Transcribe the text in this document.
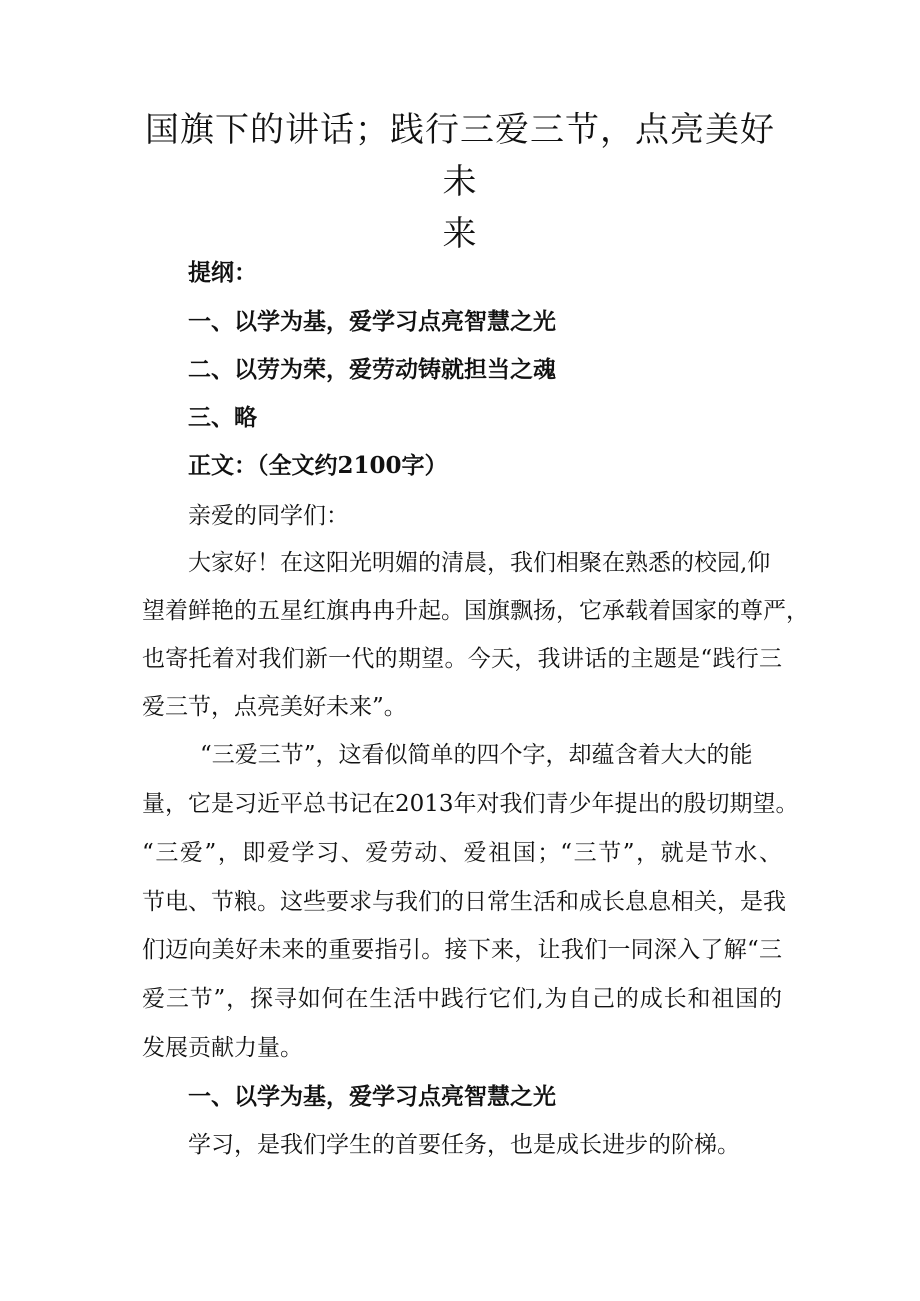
国旗下的讲话；践行三爱三节，点亮美好未
来

提纲：

一、以学为基，爱学习点亮智慧之光

二、以劳为荣，爱劳动铸就担当之魂

三、略

正文：（全文约2100字）

亲爱的同学们：

大家好！在这阳光明媚的清晨，我们相聚在熟悉的校园,仰

望着鲜艳的五星红旗冉冉升起。国旗飘扬，它承载着国家的尊严，

也寄托着对我们新一代的期望。今天，我讲话的主题是“践行三

爱三节，点亮美好未来”。

“三爱三节”，这看似简单的四个字，却蕴含着大大的能

量，它是习近平总书记在2013年对我们青少年提出的殷切期望。

“三爱”，即爱学习、爱劳动、爱祖国；“三节”，就是节水、

节电、节粮。这些要求与我们的日常生活和成长息息相关，是我

们迈向美好未来的重要指引。接下来，让我们一同深入了解“三

爱三节”，探寻如何在生活中践行它们,为自己的成长和祖国的

发展贡献力量。

一、以学为基，爱学习点亮智慧之光

学习，是我们学生的首要任务，也是成长进步的阶梯。
